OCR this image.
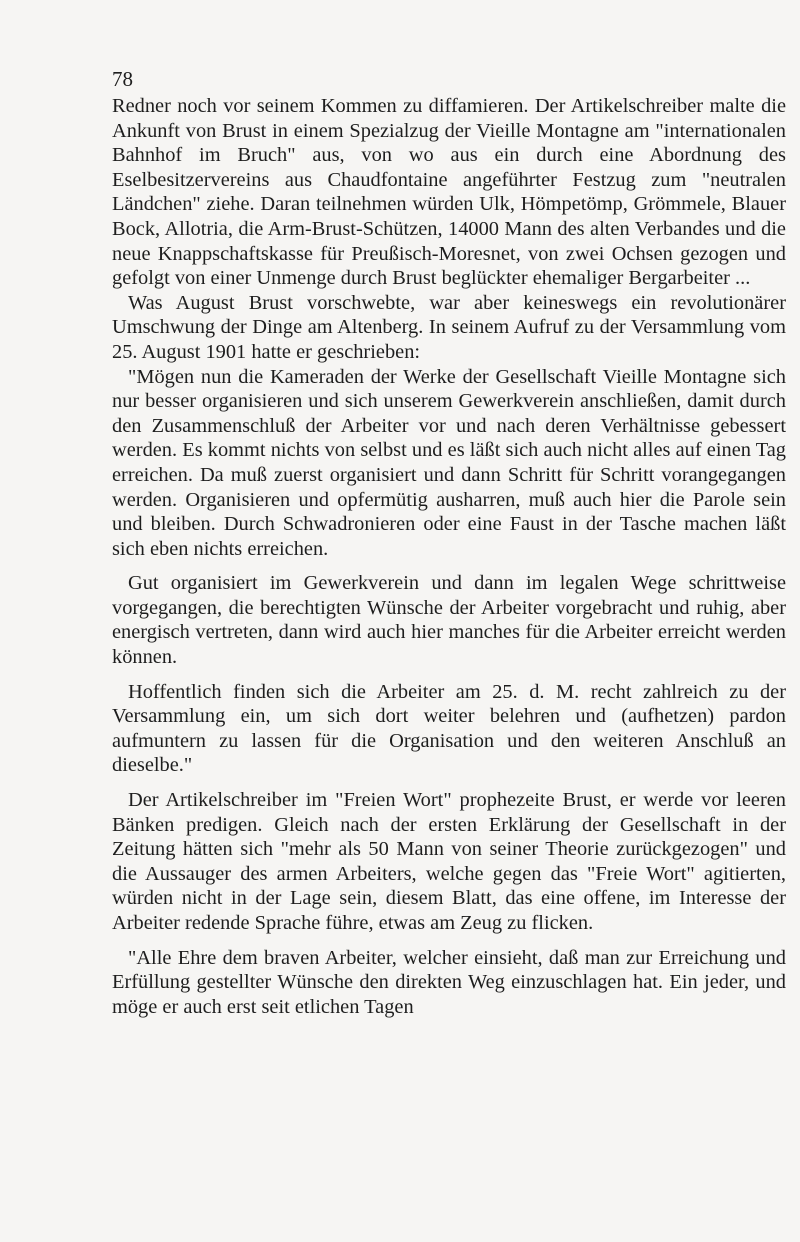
78

Redner noch vor seinem Kommen zu diffamieren. Der Artikelschreiber malte die Ankunft von Brust in einem Spezialzug der Vieille Montagne am "internationalen Bahnhof im Bruch" aus, von wo aus ein durch eine Abordnung des Eselbesitzervereins aus Chaudfontaine angeführter Festzug zum "neutralen Ländchen" ziehe. Daran teilnehmen würden Ulk, Hömpetömp, Grömmele, Blauer Bock, Allotria, die Arm-Brust-Schützen, 14000 Mann des alten Verbandes und die neue Knappschaftskasse für Preußisch-Moresnet, von zwei Ochsen gezogen und gefolgt von einer Unmenge durch Brust beglückter ehemaliger Bergarbeiter ...

Was August Brust vorschwebte, war aber keineswegs ein revolutionärer Umschwung der Dinge am Altenberg. In seinem Aufruf zu der Versammlung vom 25. August 1901 hatte er geschrieben:

"Mögen nun die Kameraden der Werke der Gesellschaft Vieille Montagne sich nur besser organisieren und sich unserem Gewerkverein anschließen, damit durch den Zusammenschluß der Arbeiter vor und nach deren Verhältnisse gebessert werden. Es kommt nichts von selbst und es läßt sich auch nicht alles auf einen Tag erreichen. Da muß zuerst organisiert und dann Schritt für Schritt vorangegangen werden. Organisieren und opfermütig ausharren, muß auch hier die Parole sein und bleiben. Durch Schwadronieren oder eine Faust in der Tasche machen läßt sich eben nichts erreichen.

Gut organisiert im Gewerkverein und dann im legalen Wege schrittweise vorgegangen, die berechtigten Wünsche der Arbeiter vorgebracht und ruhig, aber energisch vertreten, dann wird auch hier manches für die Arbeiter erreicht werden können.

Hoffentlich finden sich die Arbeiter am 25. d. M. recht zahlreich zu der Versammlung ein, um sich dort weiter belehren und (aufhetzen) pardon aufmuntern zu lassen für die Organisation und den weiteren Anschluß an dieselbe."

Der Artikelschreiber im "Freien Wort" prophezeite Brust, er werde vor leeren Bänken predigen. Gleich nach der ersten Erklärung der Gesellschaft in der Zeitung hätten sich "mehr als 50 Mann von seiner Theorie zurückgezogen" und die Aussauger des armen Arbeiters, welche gegen das "Freie Wort" agitierten, würden nicht in der Lage sein, diesem Blatt, das eine offene, im Interesse der Arbeiter redende Sprache führe, etwas am Zeug zu flicken.

"Alle Ehre dem braven Arbeiter, welcher einsieht, daß man zur Erreichung und Erfüllung gestellter Wünsche den direkten Weg einzuschlagen hat. Ein jeder, und möge er auch erst seit etlichen Tagen
